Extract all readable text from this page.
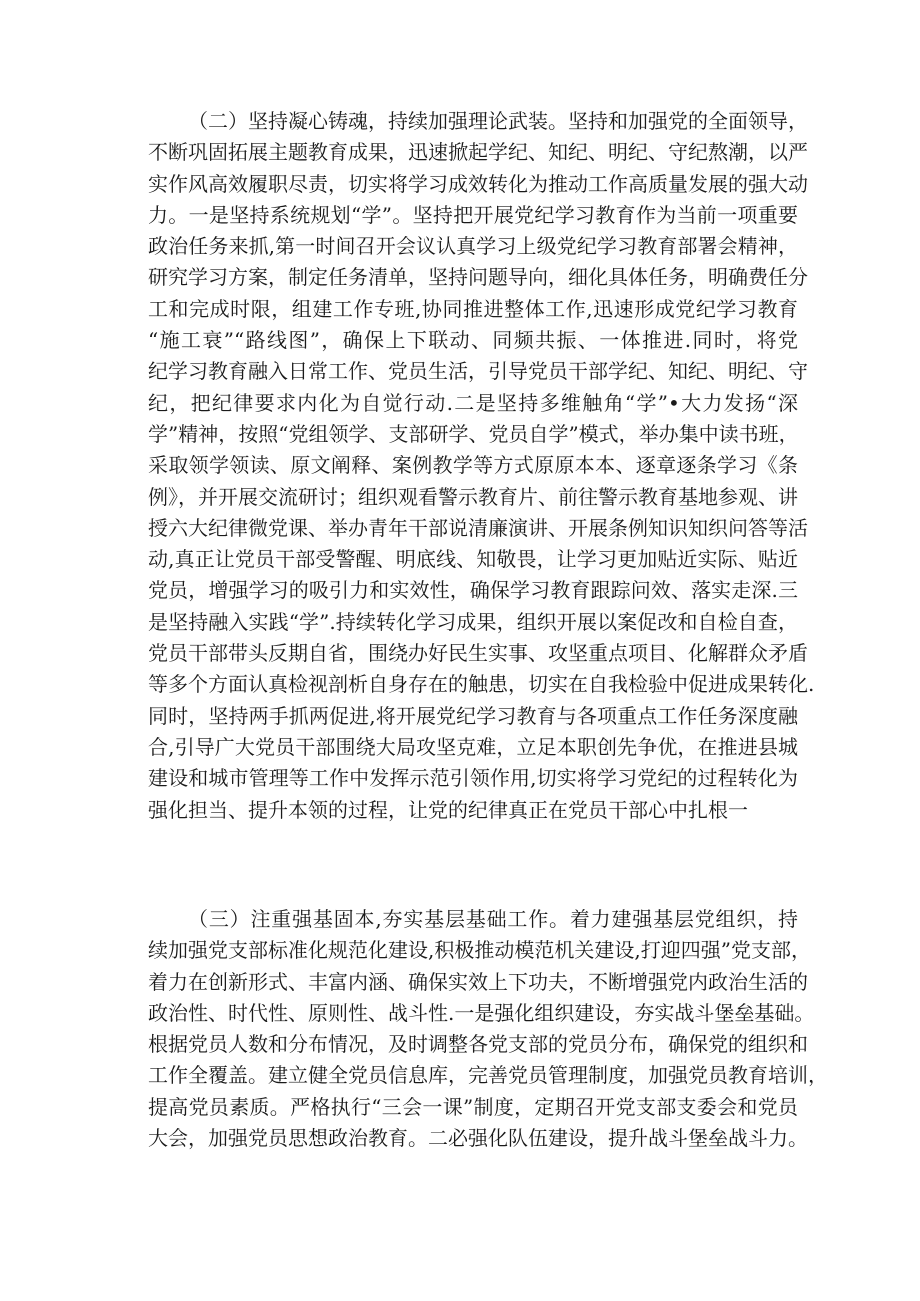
（二）坚持凝心铸魂，持续加强理论武装。坚持和加强党的全面领导，
不断巩固拓展主题教育成果，迅速掀起学纪、知纪、明纪、守纪熬潮，以严
实作风高效履职尽责，切实将学习成效转化为推动工作高质量发展的强大动
力。一是坚持系统规划“学”。坚持把开展党纪学习教育作为当前一项重要
政治任务来抓,第一时间召开会议认真学习上级党纪学习教育部署会精神，
研究学习方案，制定任务清单，坚持问题导向，细化具体任务，明确费任分
工和完成时限，组建工作专班,协同推进整体工作,迅速形成党纪学习教育
“施工衰”“路线图”，确保上下联动、同频共振、一体推进.同时，将党
纪学习教育融入日常工作、党员生活，引导党员干部学纪、知纪、明纪、守
纪，把纪律要求内化为自觉行动.二是坚持多维触角“学”•大力发扬“深
学”精神，按照“党组领学、支部研学、党员自学”模式，举办集中读书班，
采取领学领读、原文阐释、案例教学等方式原原本本、逐章逐条学习《条
例》，并开展交流研讨；组织观看警示教育片、前往警示教育基地参观、讲
授六大纪律微党课、举办青年干部说清廉演讲、开展条例知识知织问答等活
动,真正让党员干部受警醒、明底线、知敬畏，让学习更加贴近实际、贴近
党员，增强学习的吸引力和实效性，确保学习教育跟踪问效、落实走深.三
是坚持融入实践“学”.持续转化学习成果，组织开展以案促改和自检自查，
党员干部带头反期自省，围绕办好民生实事、攻坚重点项目、化解群众矛盾
等多个方面认真检视剖析自身存在的触患，切实在自我检验中促进成果转化.
同时，坚持两手抓两促进,将开展党纪学习教育与各项重点工作任务深度融
合,引导广大党员干部围绕大局攻坚克难，立足本职创先争优，在推进县城
建设和城市管理等工作中发挥示范引领作用,切实将学习党纪的过程转化为
强化担当、提升本领的过程，让党的纪律真正在党员干部心中扎根一
（三）注重强基固本,夯实基层基础工作。着力建强基层党组织，持
续加强党支部标准化规范化建设,积极推动模范机关建设,打迎四强”党支部，
着力在创新形式、丰富内涵、确保实效上下功夫，不断增强党内政治生活的
政治性、时代性、原则性、战斗性.一是强化组织建设，夯实战斗堡垒基础。
根据党员人数和分布情况，及时调整各党支部的党员分布，确保党的组织和
工作全覆盖。建立健全党员信息库，完善党员管理制度，加强党员教育培训，
提高党员素质。严格执行“三会一课”制度，定期召开党支部支委会和党员
大会，加强党员思想政治教育。二必强化队伍建设，提升战斗堡垒战斗力。
